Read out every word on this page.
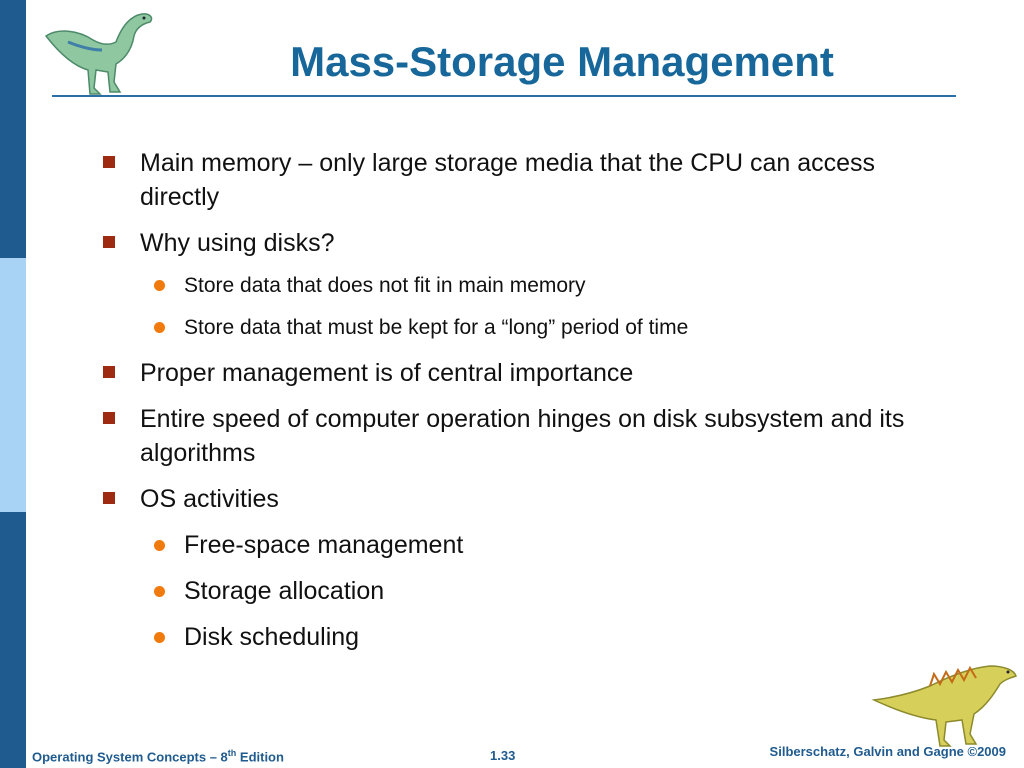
Mass-Storage Management
Main memory – only large storage media that the CPU can access directly
Why using disks?
Store data that does not fit in main memory
Store data that must be kept for a “long” period of time
Proper management is of central importance
Entire speed of computer operation hinges on disk subsystem and its algorithms
OS activities
Free-space management
Storage allocation
Disk scheduling
Operating System Concepts – 8th Edition	1.33	Silberschatz, Galvin and Gagne ©2009
